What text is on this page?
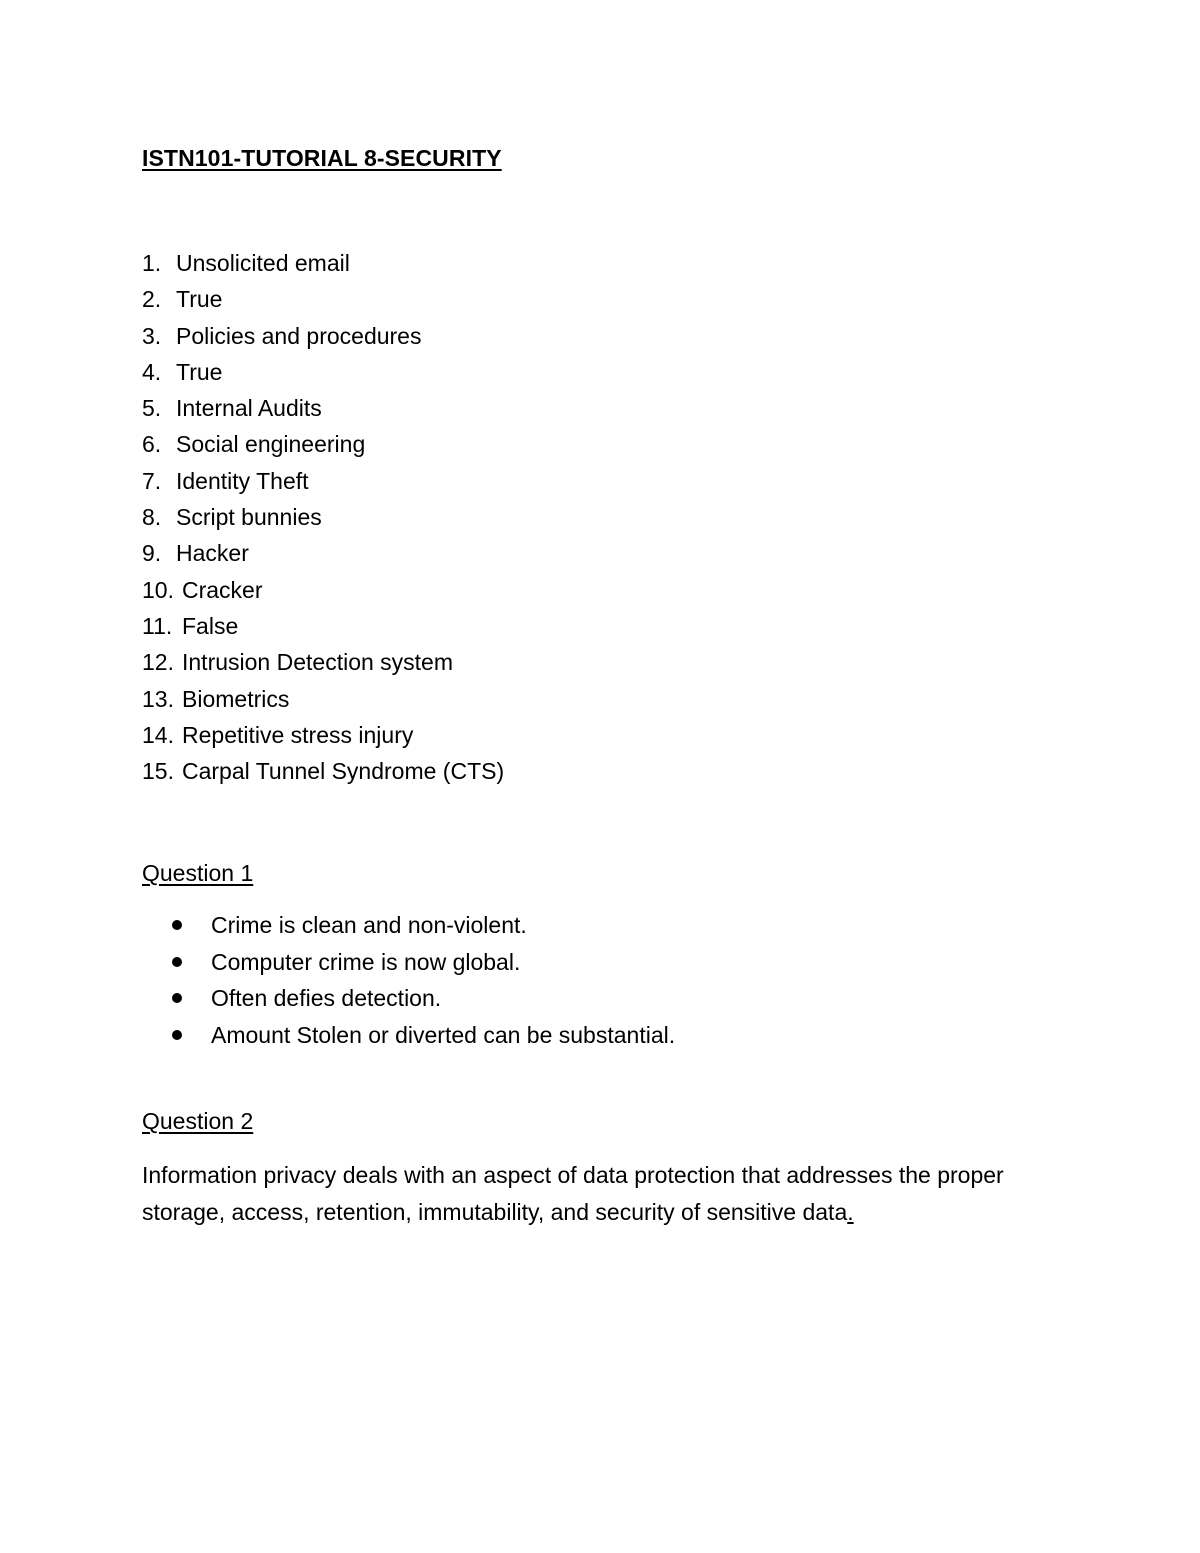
ISTN101-TUTORIAL 8-SECURITY
1. Unsolicited email
2. True
3. Policies and procedures
4. True
5. Internal Audits
6. Social engineering
7. Identity Theft
8. Script bunnies
9. Hacker
10. Cracker
11. False
12. Intrusion Detection system
13. Biometrics
14. Repetitive stress injury
15. Carpal Tunnel Syndrome (CTS)
Question 1
Crime is clean and non-violent.
Computer crime is now global.
Often defies detection.
Amount Stolen or diverted can be substantial.
Question 2
Information privacy deals with an aspect of data protection that addresses the proper storage, access, retention, immutability, and security of sensitive data.
